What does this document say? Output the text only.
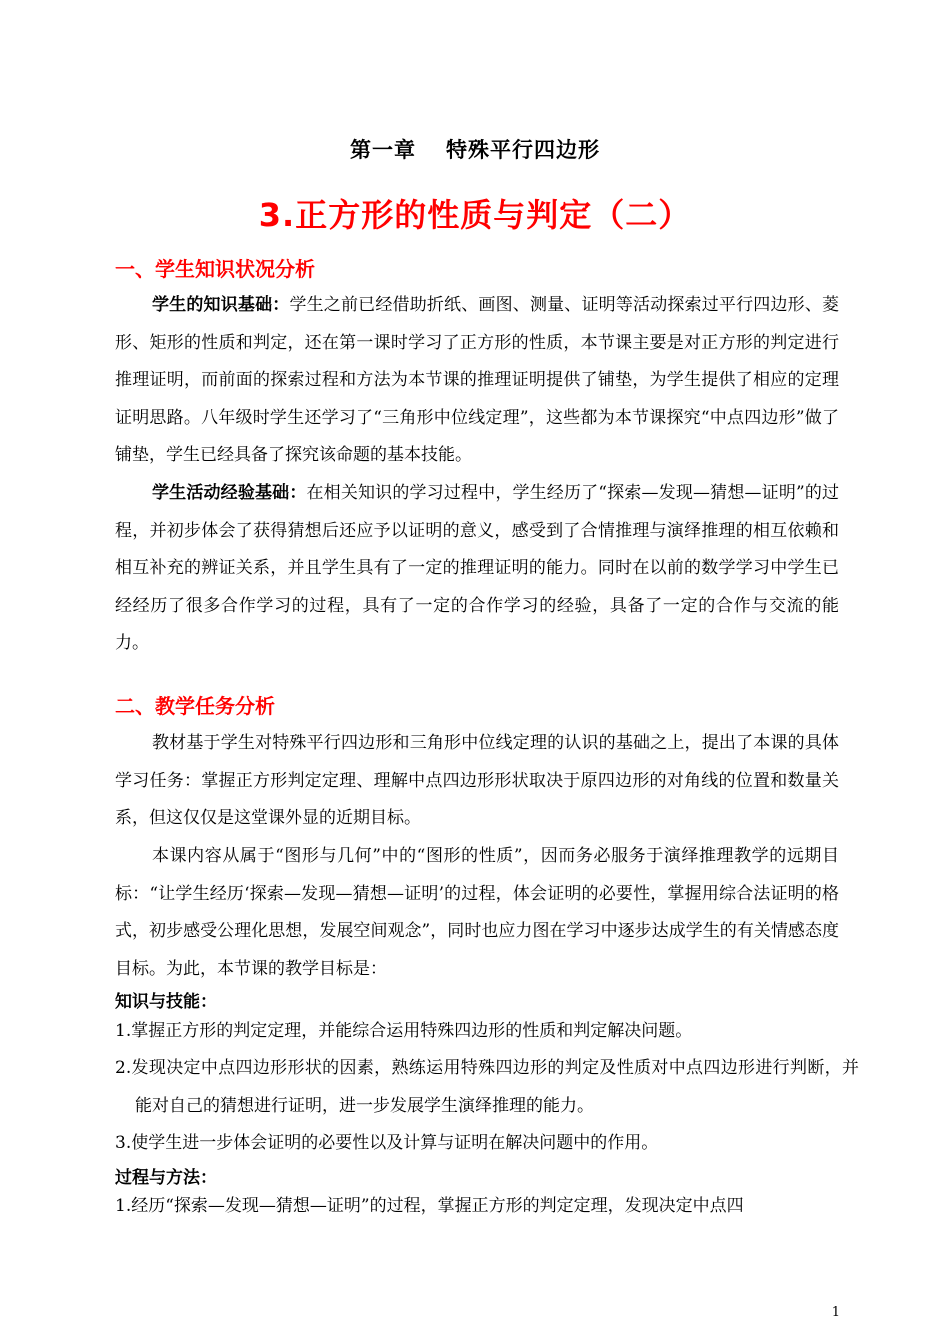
第一章 特殊平行四边形
3.正方形的性质与判定（二）
一、学生知识状况分析

学生的知识基础：学生之前已经借助折纸、画图、测量、证明等活动探索过平行四边形、菱形、矩形的性质和判定，还在第一课时学习了正方形的性质，本节课主要是对正方形的判定进行推理证明，而前面的探索过程和方法为本节课的推理证明提供了铺垫，为学生提供了相应的定理证明思路。八年级时学生还学习了“三角形中位线定理”，这些都为本节课探究“中点四边形”做了铺垫，学生已经具备了探究该命题的基本技能。

学生活动经验基础：在相关知识的学习过程中，学生经历了“探索—发现—猜想—证明”的过程，并初步体会了获得猜想后还应予以证明的意义，感受到了合情推理与演绎推理的相互依赖和相互补充的辨证关系，并且学生具有了一定的推理证明的能力。同时在以前的数学学习中学生已经经历了很多合作学习的过程，具有了一定的合作学习的经验，具备了一定的合作与交流的能力。

二、教学任务分析

教材基于学生对特殊平行四边形和三角形中位线定理的认识的基础之上，提出了本课的具体学习任务：掌握正方形判定定理、理解中点四边形形状取决于原四边形的对角线的位置和数量关系，但这仅仅是这堂课外显的近期目标。

本课内容从属于“图形与几何”中的“图形的性质”，因而务必服务于演绎推理教学的远期目标：“让学生经历‘探索—发现—猜想—证明’的过程，体会证明的必要性，掌握用综合法证明的格式，初步感受公理化思想，发展空间观念”，同时也应力图在学习中逐步达成学生的有关情感态度目标。为此，本节课的教学目标是：

知识与技能：

1.掌握正方形的判定定理，并能综合运用特殊四边形的性质和判定解决问题。

2.发现决定中点四边形形状的因素，熟练运用特殊四边形的判定及性质对中点四边形进行判断，并能对自己的猜想进行证明，进一步发展学生演绎推理的能力。

3.使学生进一步体会证明的必要性以及计算与证明在解决问题中的作用。

过程与方法：

1.经历“探索—发现—猜想—证明”的过程，掌握正方形的判定定理，发现决定中点四

1
